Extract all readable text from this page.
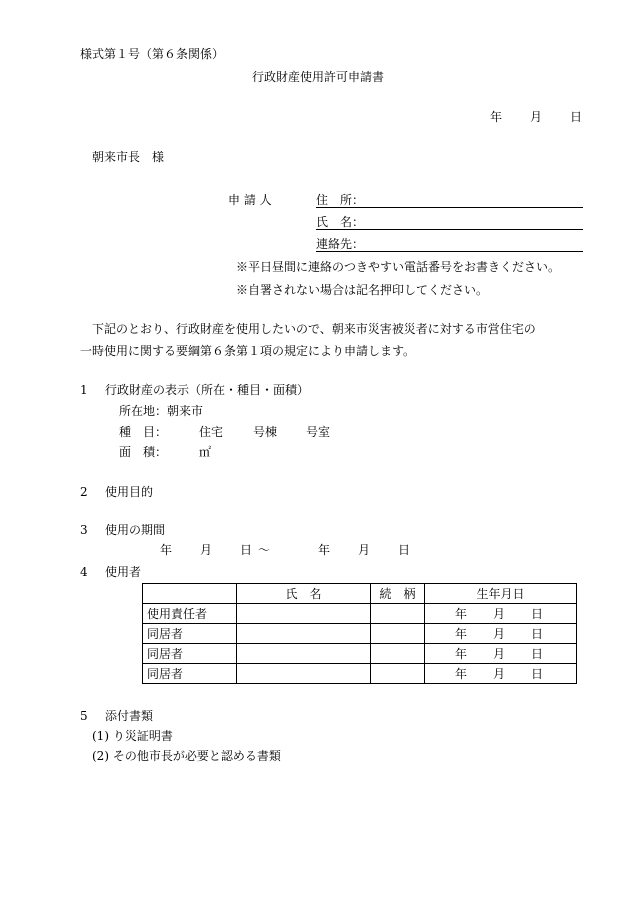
様式第１号（第６条関係）
行政財産使用許可申請書
年 月 日
朝来市長　様
申 請 人	住　所：
氏　名：
連絡先：
※平日昼間に連絡のつきやすい電話番号をお書きください。
※自署されない場合は記名押印してください。
下記のとおり、行政財産を使用したいので、朝来市災害被災者に対する市営住宅の
一時使用に関する要綱第６条第１項の規定により申請します。
1 行政財産の表示（所在・種目・面積）
所在地：朝来市
種　目：	住宅 号棟 号室
面　積：	㎡
2 使用目的
3 使用の期間
年 月 日 ～	年 月 日
4 使用者
	氏　名	続　柄	生年月日
使用責任者			年 月 日
同居者			年 月 日
同居者			年 月 日
同居者			年 月 日
5 添付書類
(1) り災証明書
(2) その他市長が必要と認める書類
